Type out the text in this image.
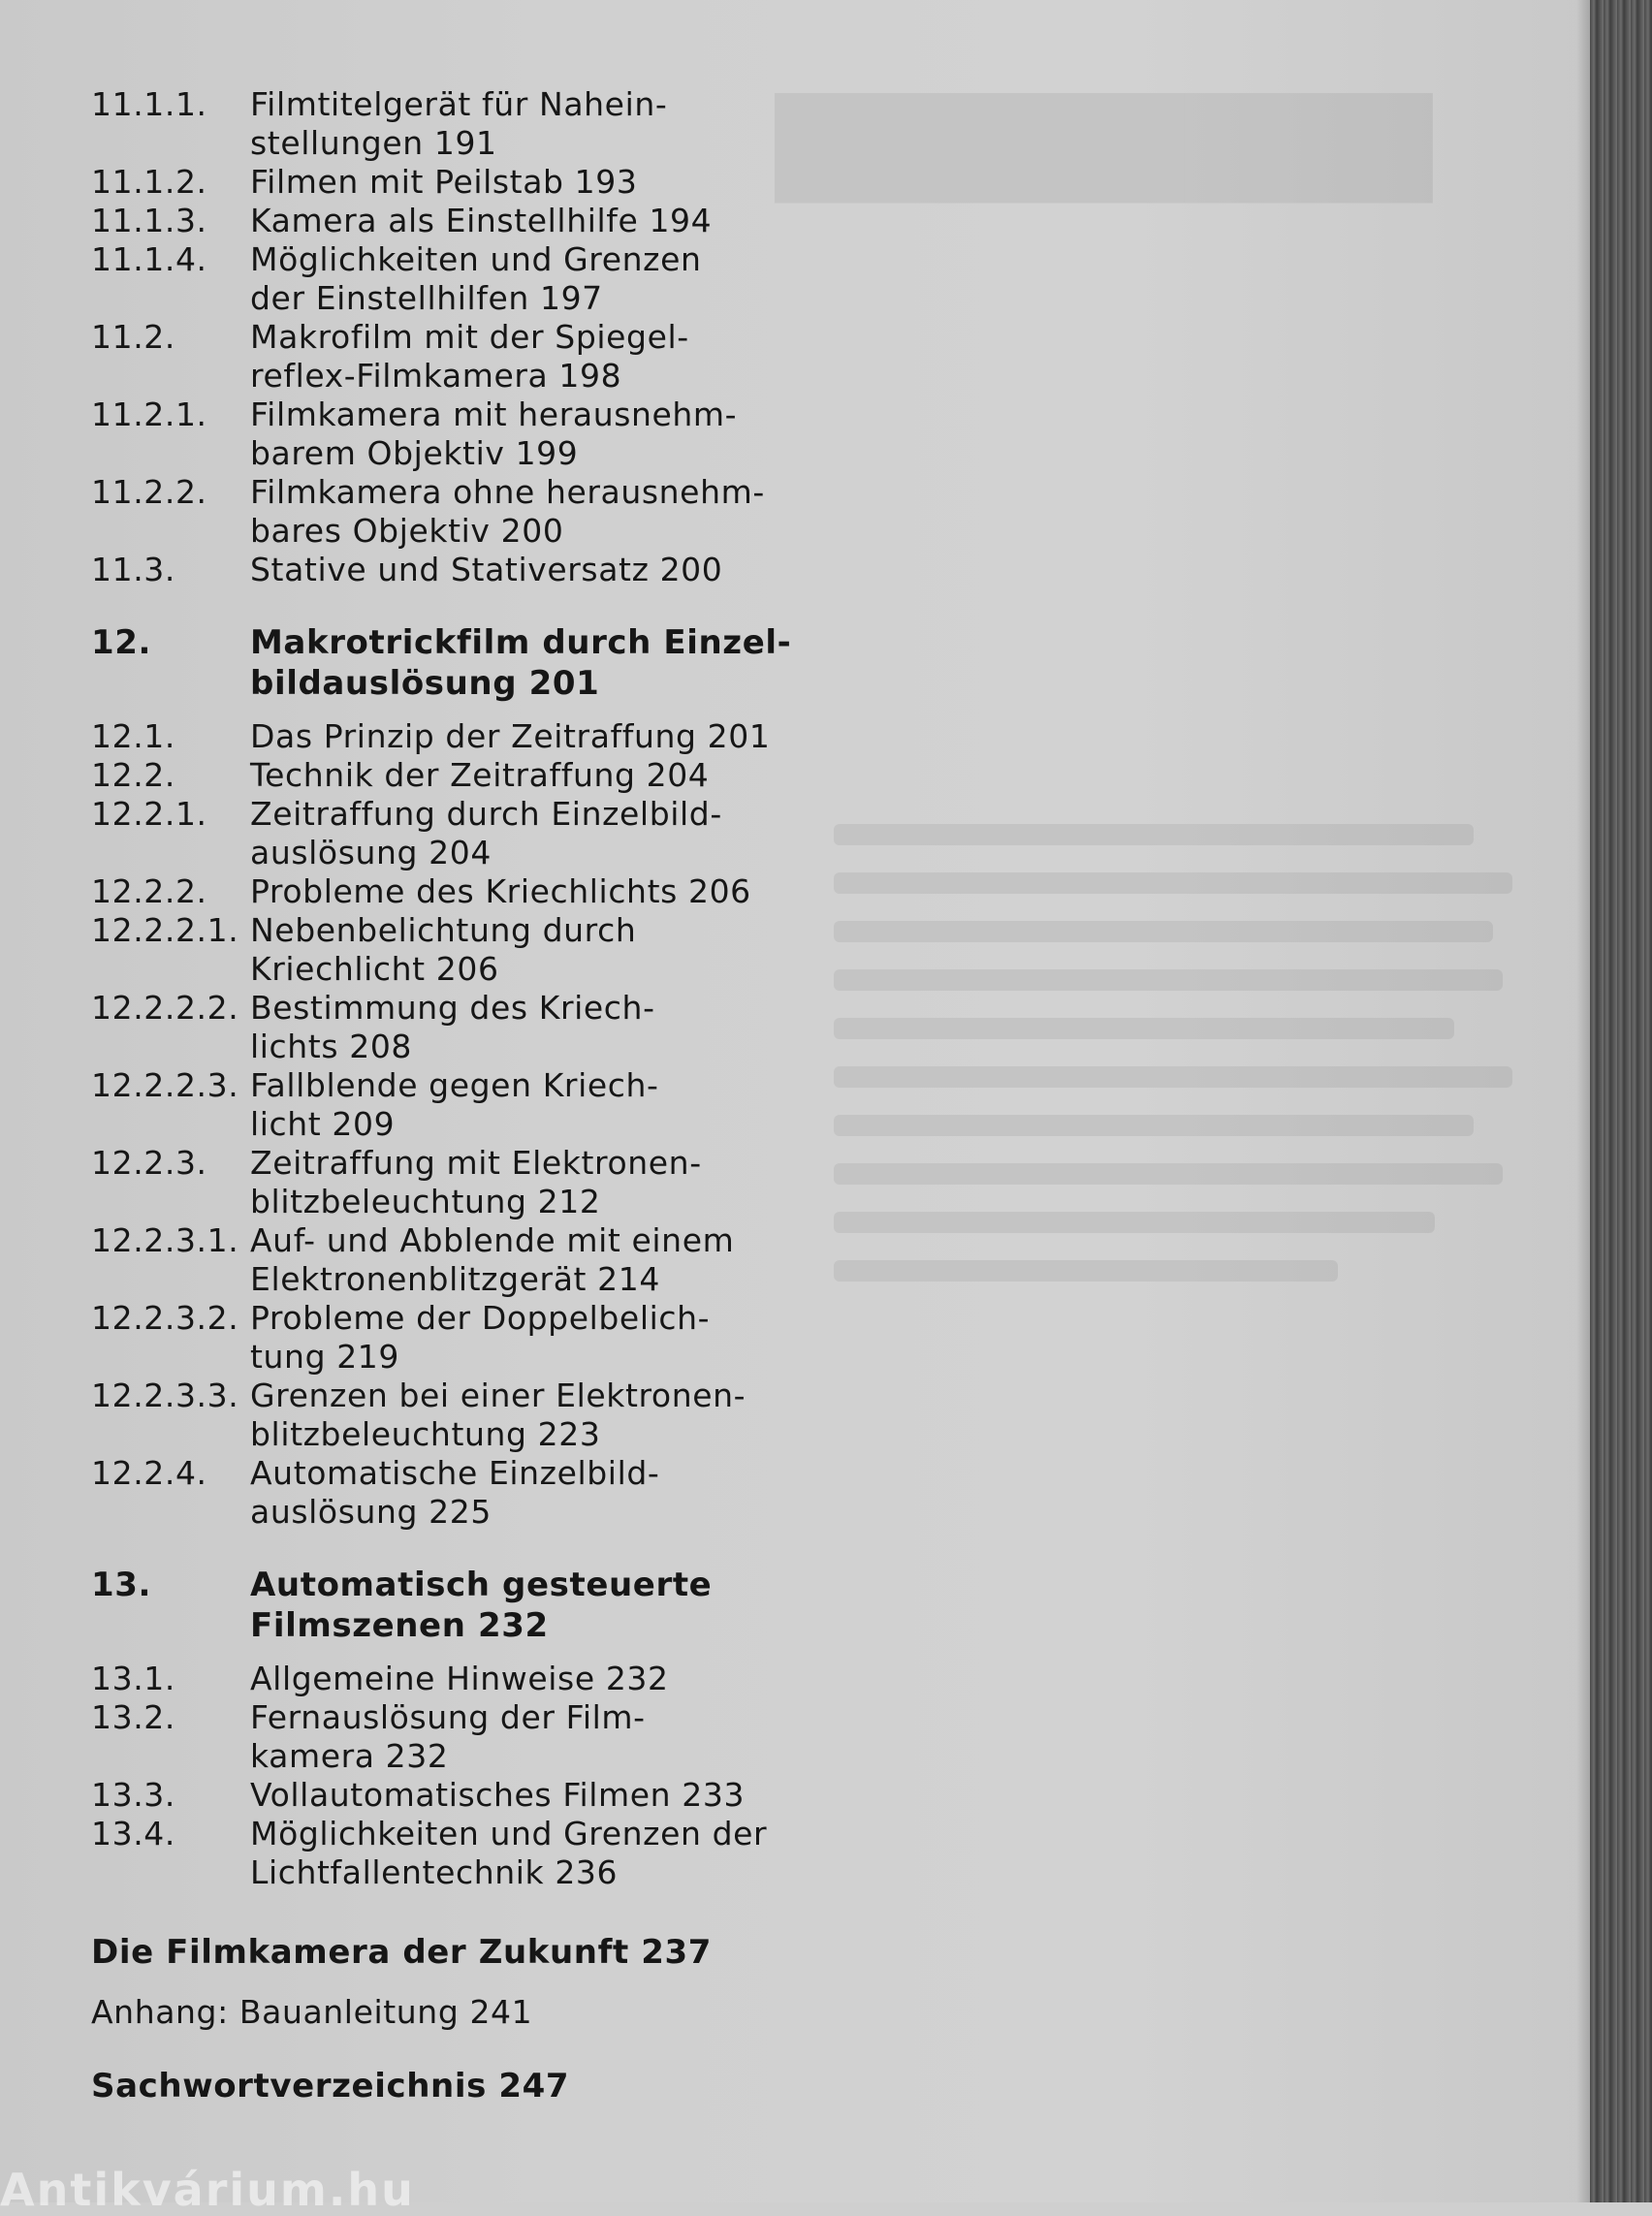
▇▇▇▇▇▇▇▇
11.1.1.	Filmtitelgerät für Nahein-
stellungen 191
11.1.2.	Filmen mit Peilstab 193
11.1.3.	Kamera als Einstellhilfe 194
11.1.4.	Möglichkeiten und Grenzen
der Einstellhilfen 197
11.2.	Makrofilm mit der Spiegel-
reflex-Filmkamera 198
11.2.1.	Filmkamera mit herausnehm-
barem Objektiv 199
11.2.2.	Filmkamera ohne herausnehm-
bares Objektiv 200
11.3.	Stative und Stativersatz 200
12.	Makrotrickfilm durch Einzel-
bildauslösung 201
12.1.	Das Prinzip der Zeitraffung 201
12.2.	Technik der Zeitraffung 204
12.2.1.	Zeitraffung durch Einzelbild-
auslösung 204
12.2.2.	Probleme des Kriechlichts 206
12.2.2.1. Nebenbelichtung durch
Kriechlicht 206
12.2.2.2. Bestimmung des Kriech-
lichts 208
12.2.2.3. Fallblende gegen Kriech-
licht 209
12.2.3.	Zeitraffung mit Elektronen-
blitzbeleuchtung 212
12.2.3.1. Auf- und Abblende mit einem
Elektronenblitzgerät 214
12.2.3.2. Probleme der Doppelbelich-
tung 219
12.2.3.3. Grenzen bei einer Elektronen-
blitzbeleuchtung 223
12.2.4.	Automatische Einzelbild-
auslösung 225
13.	Automatisch gesteuerte
Filmszenen 232
13.1.	Allgemeine Hinweise 232
13.2.	Fernauslösung der Film-
kamera 232
13.3.	Vollautomatisches Filmen 233
13.4.	Möglichkeiten und Grenzen der
Lichtfallentechnik 236
Die Filmkamera der Zukunft 237
Anhang: Bauanleitung 241
Sachwortverzeichnis 247
Antikvárium.hu
